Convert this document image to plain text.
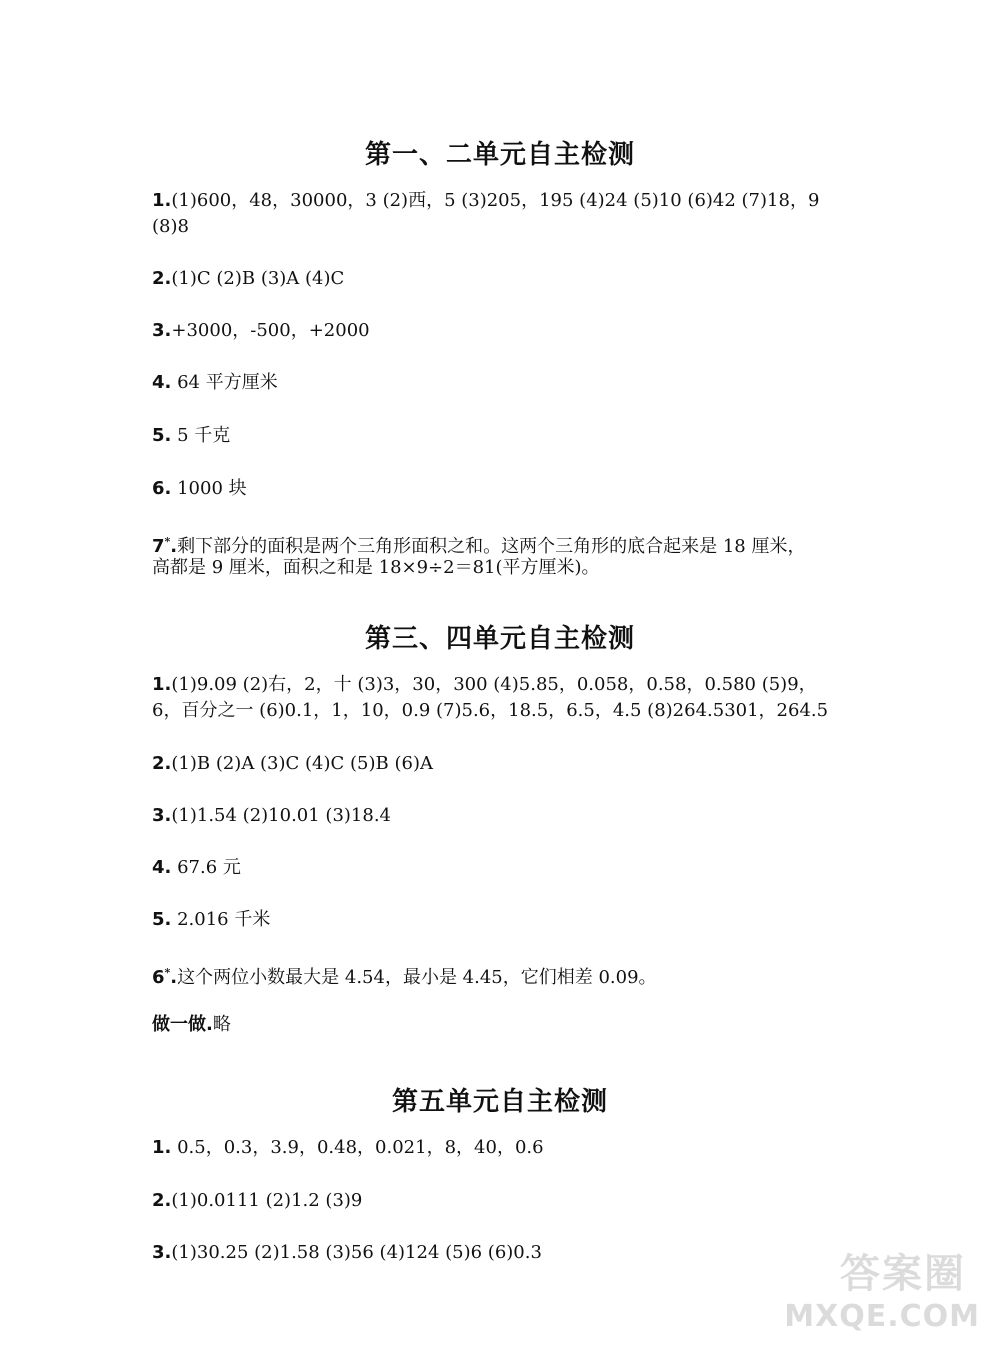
第一、二单元自主检测
1.(1)600，48，30000，3 (2)西，5 (3)205，195 (4)24 (5)10 (6)42 (7)18，9
(8)8
2.(1)C (2)B (3)A (4)C
3.+3000，-500，+2000
4. 64 平方厘米
5. 5 千克
6. 1000 块
7*.剩下部分的面积是两个三角形面积之和。这两个三角形的底合起来是 18 厘米，
高都是 9 厘米，面积之和是 18×9÷2＝81(平方厘米)。
第三、四单元自主检测
1.(1)9.09 (2)右，2，十 (3)3，30，300 (4)5.85，0.058，0.58，0.580 (5)9，
6，百分之一 (6)0.1，1，10，0.9 (7)5.6，18.5，6.5，4.5 (8)264.5301，264.5
2.(1)B (2)A (3)C (4)C (5)B (6)A
3.(1)1.54 (2)10.01 (3)18.4
4. 67.6 元
5. 2.016 千米
6*.这个两位小数最大是 4.54，最小是 4.45，它们相差 0.09。
做一做.略
第五单元自主检测
1. 0.5，0.3，3.9，0.48，0.021，8，40，0.6
2.(1)0.0111 (2)1.2 (3)9
3.(1)30.25 (2)1.58 (3)56 (4)124 (5)6 (6)0.3	答案圈
MXQE.COM
